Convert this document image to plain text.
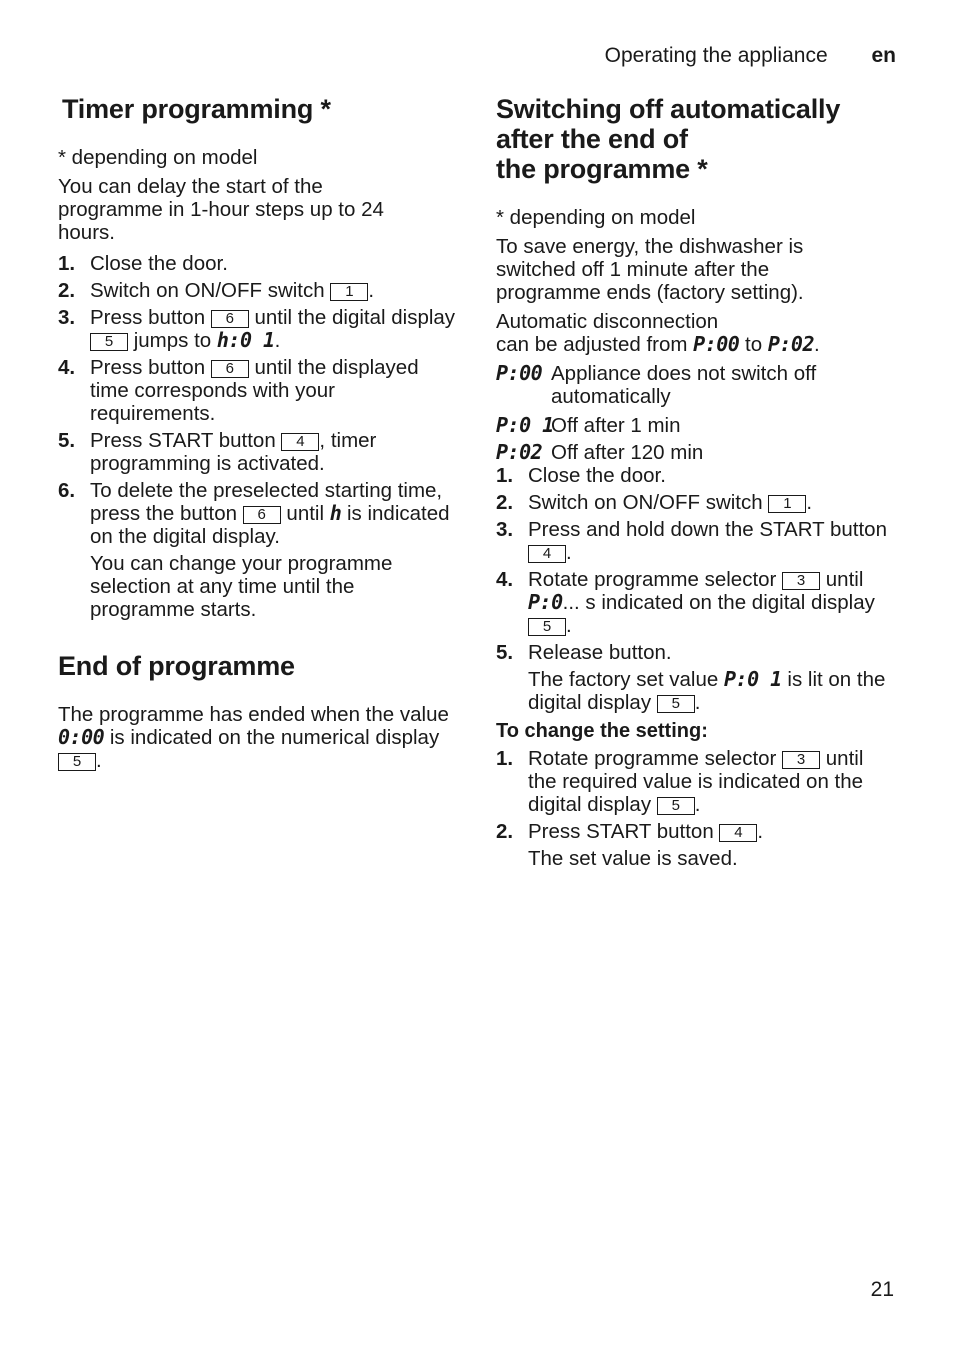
Operating the appliance en
Timer programming *

* depending on model

You can delay the start of the programme in 1-hour steps up to 24 hours.

1. Close the door.
2. Switch on ON/OFF switch 1 .
3. Press button 6 until the digital display 5 jumps to h:0 1.
4. Press button 6 until the displayed time corresponds with your requirements.
5. Press START button 4 , timer programming is activated.
6. To delete the preselected starting time, press the button 6 until h is indicated on the digital display.
You can change your programme selection at any time until the programme starts.
End of programme

The programme has ended when the value 0:00 is indicated on the numerical display 5 .

Switching off automatically
after the end of
the programme *

* depending on model

To save energy, the dishwasher is switched off 1 minute after the programme ends (factory setting).

Automatic disconnection
can be adjusted from P:00 to P:02.

P:00 Appliance does not switch off automatically
P:0 1
Off after 1 min
P:02 Off after 120 min
1. Close the door.
2. Switch on ON/OFF switch 1 .
3. Press and hold down the START button 4 .
4. Rotate programme selector 3 until P:0... s indicated on the digital display 5 .
5. Release button.
The factory set value P:0 1 is lit on the digital display 5 .
To change the setting:
1. Rotate programme selector 3 until the required value is indicated on the digital display 5 .
2. Press START button 4 .
The set value is saved.
21
